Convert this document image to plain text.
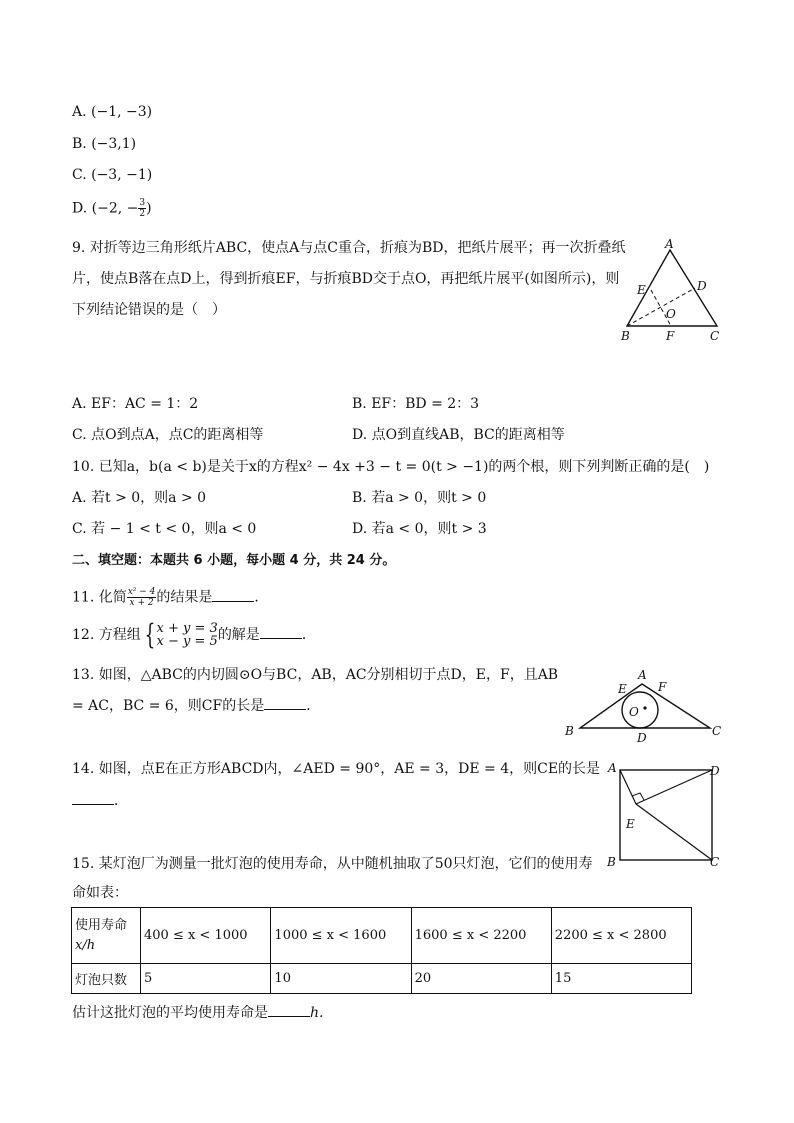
A. (−1, −3)
B. (−3,1)
C. (−3, −1)
D. (−2, − $\frac{3}{2}$ )
9. 对折等边三角形纸片ABC，使点A与点C重合，折痕为BD，把纸片展平；再一次折叠纸
片，使点B落在点D上，得到折痕EF，与折痕BD交于点O，再把纸片展平(如图所示)，则
下列结论错误的是（　）
A
B	C
D
E
F
O
A. EF：AC = 1：2	B. EF：BD = 2：3
C. 点O到点A，点C的距离相等	D. 点O到直线AB，BC的距离相等
10. 已知a，b(a < b)是关于x的方程x² − 4x +3 − t = 0(t > −1)的两个根，则下列判断正确的是(　)
A. 若t > 0，则a > 0	B. 若a > 0，则t > 0
C. 若 − 1 < t < 0，则a < 0	D. 若a < 0，则t > 3
二、填空题：本题共 6 小题，每小题 4 分，共 24 分。
11. 化简 $\frac{\text{x² − 4}}{x + 2}$ 的结果是	．
12. 方程组 { x + y = 3
x − y = 5 的解是	．
13. 如图，△ABC的内切圆⊙O与BC，AB，AC分别相切于点D，E，F，且AB
= AC，BC = 6，则CF的长是	．
A
B	C
D
E	F
O
14. 如图，点E在正方形ABCD内，∠AED = 90°，AE = 3，DE = 4，则CE的长是
．
A	D
B	C
E
15. 某灯泡厂为测量一批灯泡的使用寿命，从中随机抽取了50只灯泡，它们的使用寿
命如表：
使用寿命
x/h	400 ≤ x < 1000	1000 ≤ x < 1600	1600 ≤ x < 2200	2200 ≤ x < 2800
灯泡只数	5	10	20	15
估计这批灯泡的平均使用寿命是	h.
